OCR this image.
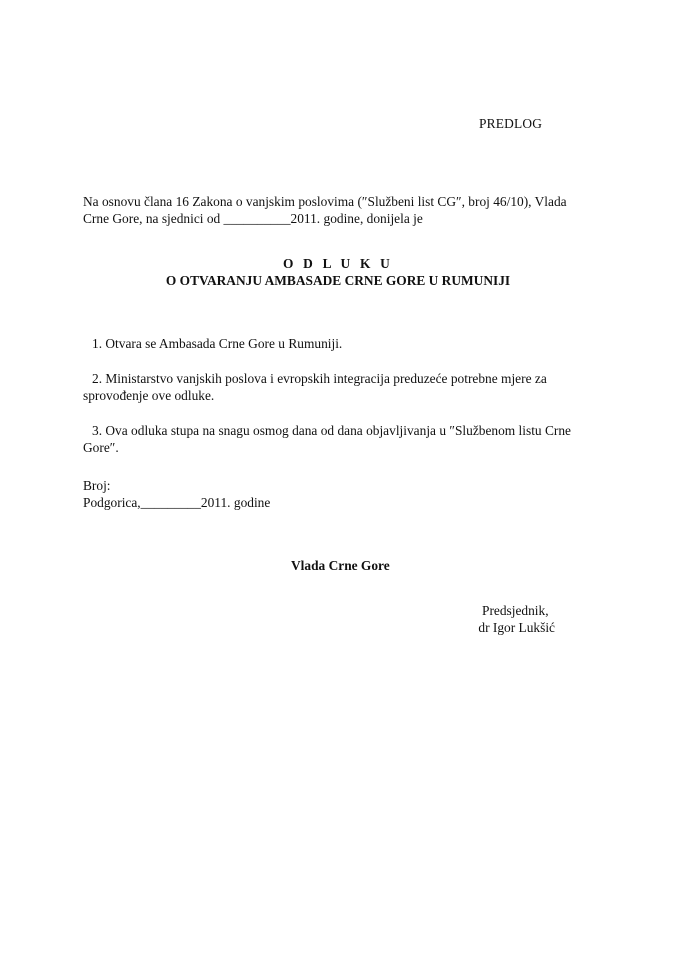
PREDLOG

Na osnovu člana 16 Zakona o vanjskim poslovima (″Službeni list CG″, broj 46/10), Vlada

Crne Gore, na sjednici od __________2011. godine, donijela je

O D L U K U
O OTVARANJU AMBASADE CRNE GORE U RUMUNIJI
1. Otvara se Ambasada Crne Gore u Rumuniji.
2. Ministarstvo vanjskih poslova i evropskih integracija preduzeće potrebne mjere za
sprovođenje ove odluke.
3. Ova odluka stupa na snagu osmog dana od dana objavljivanja u ″Službenom listu Crne
Gore″.
Broj:
Podgorica,_________2011. godine
Vlada Crne Gore
Predsjednik,
dr Igor Lukšić
